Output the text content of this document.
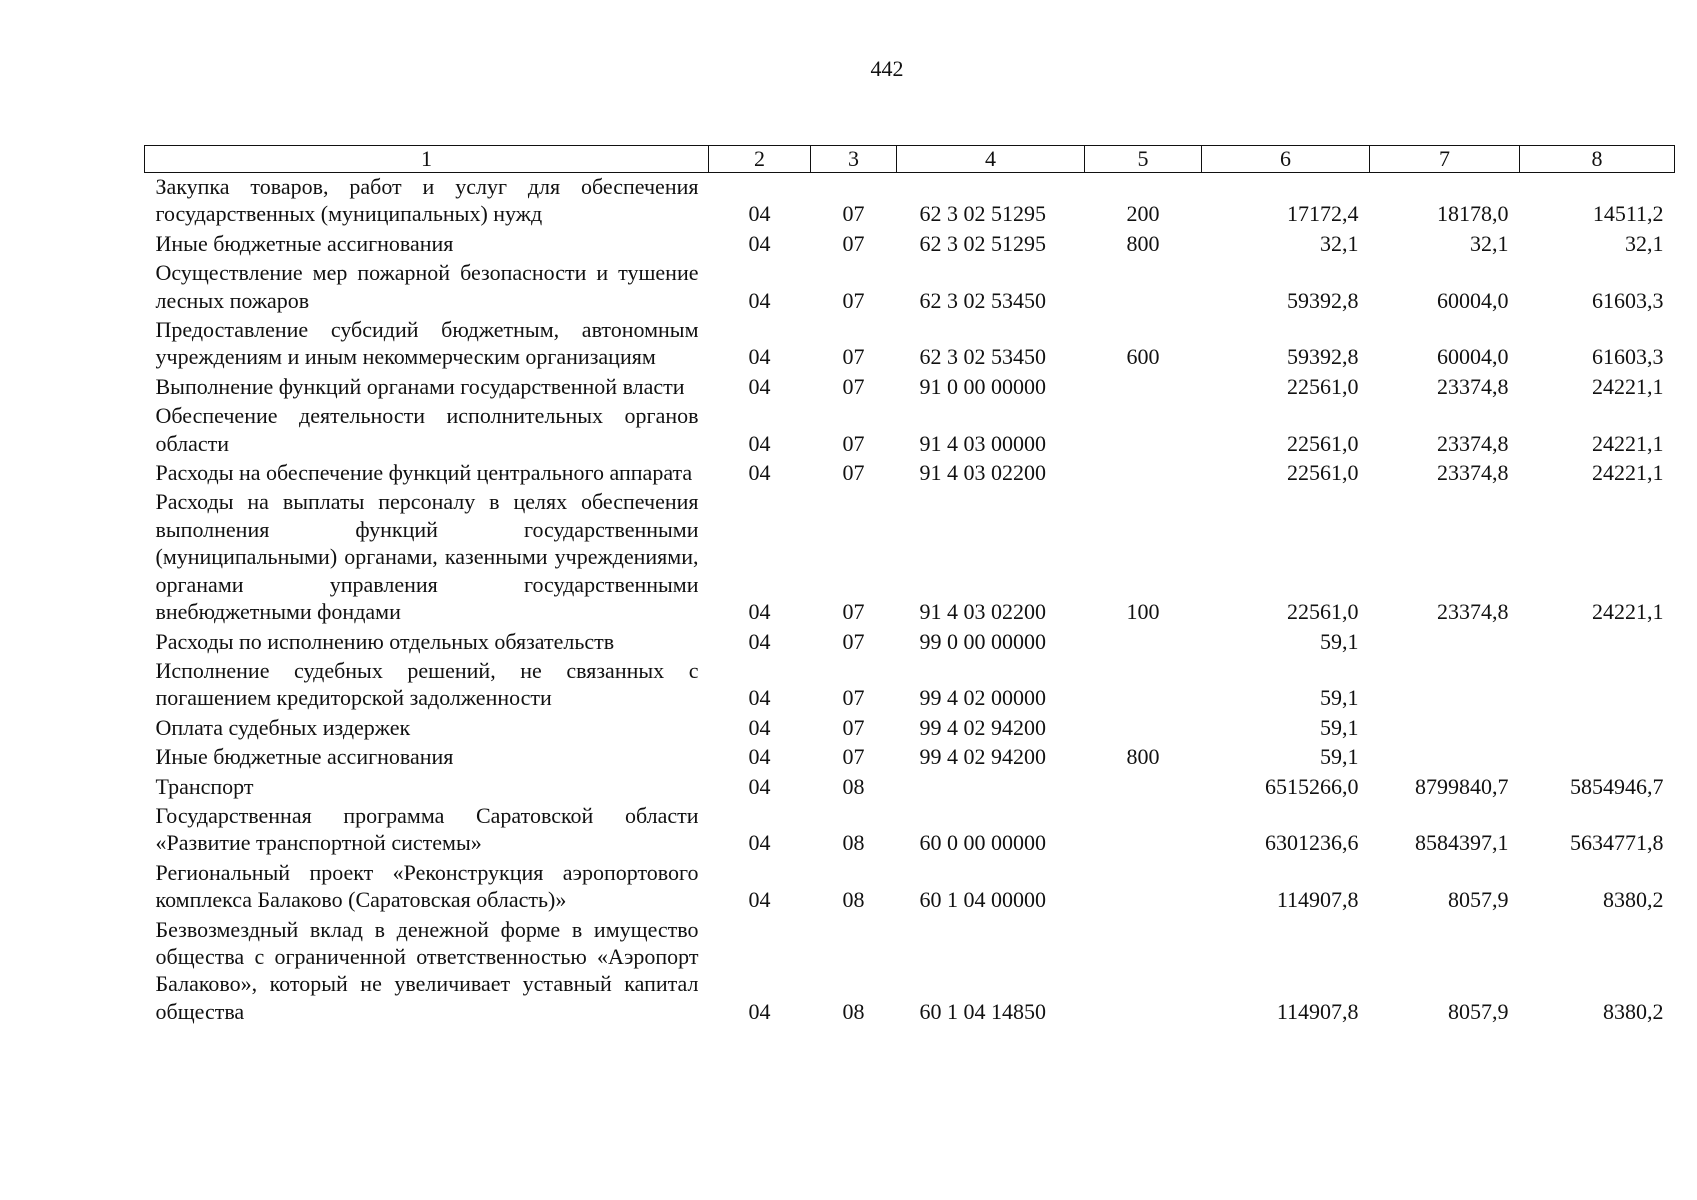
442
1	2	3	4	5	6	7	8
Закупка товаров, работ и услуг для обеспечения государственных (муниципальных) нужд	04	07	62 3 02 51295	200	17172,4	18178,0	14511,2
Иные бюджетные ассигнования	04	07	62 3 02 51295	800	32,1	32,1	32,1
Осуществление мер пожарной безопасности и тушение лесных пожаров	04	07	62 3 02 53450		59392,8	60004,0	61603,3
Предоставление субсидий бюджетным, автономным учреждениям и иным некоммерческим организациям	04	07	62 3 02 53450	600	59392,8	60004,0	61603,3
Выполнение функций органами государственной власти	04	07	91 0 00 00000		22561,0	23374,8	24221,1
Обеспечение деятельности исполнительных органов области	04	07	91 4 03 00000		22561,0	23374,8	24221,1
Расходы на обеспечение функций центрального аппарата	04	07	91 4 03 02200		22561,0	23374,8	24221,1
Расходы на выплаты персоналу в целях обеспечения выполнения функций государственными (муниципальными) органами, казенными учреждениями, органами управления государственными внебюджетными фондами	04	07	91 4 03 02200	100	22561,0	23374,8	24221,1
Расходы по исполнению отдельных обязательств	04	07	99 0 00 00000		59,1		
Исполнение судебных решений, не связанных с погашением кредиторской задолженности	04	07	99 4 02 00000		59,1		
Оплата судебных издержек	04	07	99 4 02 94200		59,1		
Иные бюджетные ассигнования	04	07	99 4 02 94200	800	59,1		
Транспорт	04	08			6515266,0	8799840,7	5854946,7
Государственная программа Саратовской области «Развитие транспортной системы»	04	08	60 0 00 00000		6301236,6	8584397,1	5634771,8
Региональный проект «Реконструкция аэропортового комплекса Балаково (Саратовская область)»	04	08	60 1 04 00000		114907,8	8057,9	8380,2
Безвозмездный вклад в денежной форме в имущество общества с ограниченной ответственностью «Аэропорт Балаково», который не увеличивает уставный капитал общества	04	08	60 1 04 14850		114907,8	8057,9	8380,2
